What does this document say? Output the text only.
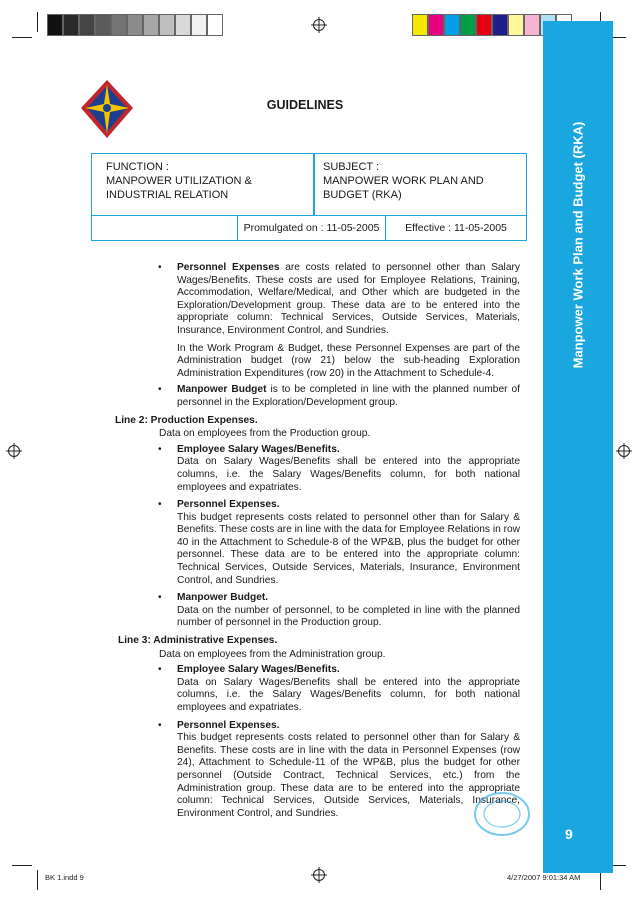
Manpower Work Plan and Budget (RKA)
9
GUIDELINES
FUNCTION :
MANPOWER UTILIZATION &
INDUSTRIAL RELATION
SUBJECT :
MANPOWER WORK PLAN AND
BUDGET (RKA)
Promulgated on : 11-05-2005	Effective : 11-05-2005
• Personnel Expenses are costs related to personnel other than Salary Wages/Benefits. These costs are used for Employee Relations, Training, Accommodation, Welfare/Medical, and Other which are budgeted in the Exploration/Development group. These data are to be entered into the appropriate column: Technical Services, Outside Services, Materials, Insurance, Environment Control, and Sundries.
In the Work Program & Budget, these Personnel Expenses are part of the Administration budget (row 21) below the sub-heading Exploration Administration Expenditures (row 20) in the Attachment to Schedule-4.
• Manpower Budget is to be completed in line with the planned number of personnel in the Exploration/Development group.
Line 2: Production Expenses.
Data on employees from the Production group.
• Employee Salary Wages/Benefits.
Data on Salary Wages/Benefits shall be entered into the appropriate columns, i.e. the Salary Wages/Benefits column, for both national employees and expatriates.
• Personnel Expenses.
This budget represents costs related to personnel other than for Salary & Benefits. These costs are in line with the data for Employee Relations in row 40 in the Attachment to Schedule-8 of the WP&B, plus the budget for other personnel. These data are to be entered into the appropriate column: Technical Services, Outside Services, Materials, Insurance, Environment Control, and Sundries.
• Manpower Budget.
Data on the number of personnel, to be completed in line with the planned number of personnel in the Production group.
Line 3: Administrative Expenses.
Data on employees from the Administration group.
• Employee Salary Wages/Benefits.
Data on Salary Wages/Benefits shall be entered into the appropriate columns, i.e. the Salary Wages/Benefits column, for both national employees and expatriates.
• Personnel Expenses.
This budget represents costs related to personnel other than for Salary & Benefits. These costs are in line with the data in Personnel Expenses (row 24), Attachment to Schedule-11 of the WP&B, plus the budget for other personnel (Outside Contract, Technical Services, etc.) from the Administration group. These data are to be entered into the appropriate column: Technical Services, Outside Services, Materials, Insurance, Environment Control, and Sundries.
BK 1.indd 9	4/27/2007 9:01:34 AM
